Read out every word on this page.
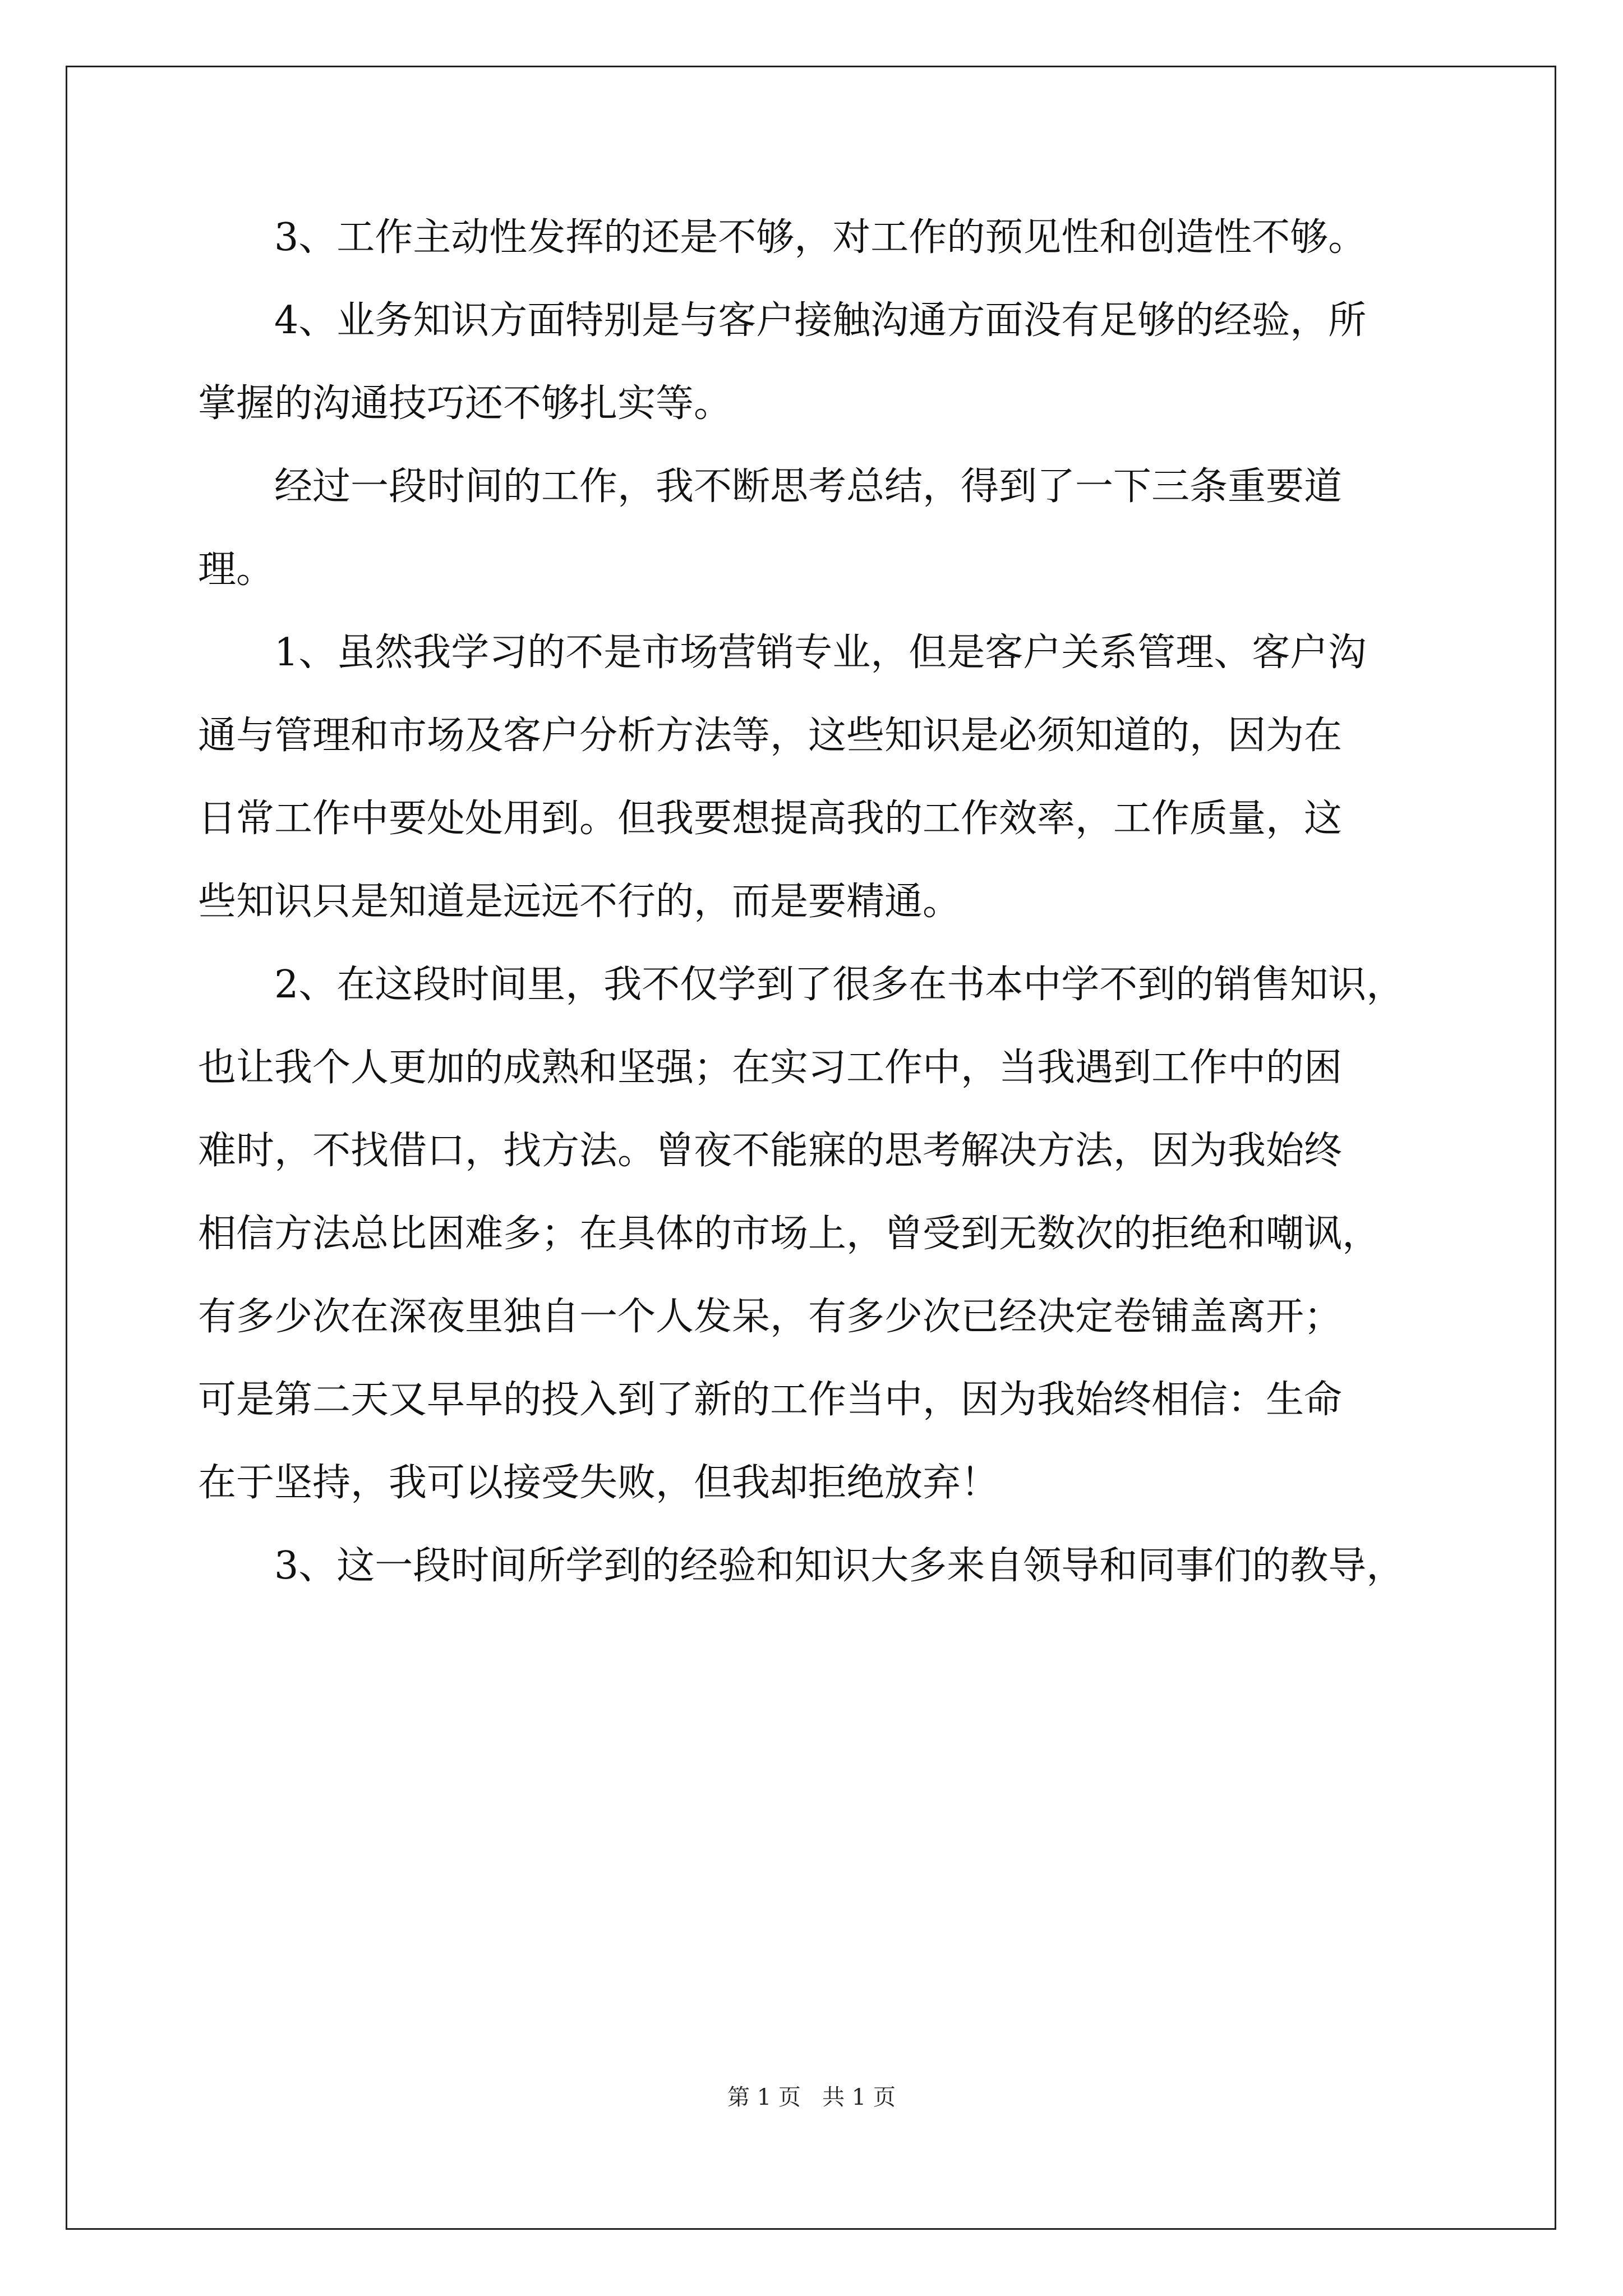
3、工作主动性发挥的还是不够，对工作的预见性和创造性不够。
4、业务知识方面特别是与客户接触沟通方面没有足够的经验，所
掌握的沟通技巧还不够扎实等。
经过一段时间的工作，我不断思考总结，得到了一下三条重要道
理。
1、虽然我学习的不是市场营销专业，但是客户关系管理、客户沟
通与管理和市场及客户分析方法等，这些知识是必须知道的，因为在
日常工作中要处处用到。但我要想提高我的工作效率，工作质量，这
些知识只是知道是远远不行的，而是要精通。
2、在这段时间里，我不仅学到了很多在书本中学不到的销售知识，
也让我个人更加的成熟和坚强；在实习工作中，当我遇到工作中的困
难时，不找借口，找方法。曾夜不能寐的思考解决方法，因为我始终
相信方法总比困难多；在具体的市场上，曾受到无数次的拒绝和嘲讽，
有多少次在深夜里独自一个人发呆，有多少次已经决定卷铺盖离开；
可是第二天又早早的投入到了新的工作当中，因为我始终相信：生命
在于坚持，我可以接受失败，但我却拒绝放弃！
3、这一段时间所学到的经验和知识大多来自领导和同事们的教导，
第 1 页   共 1 页
